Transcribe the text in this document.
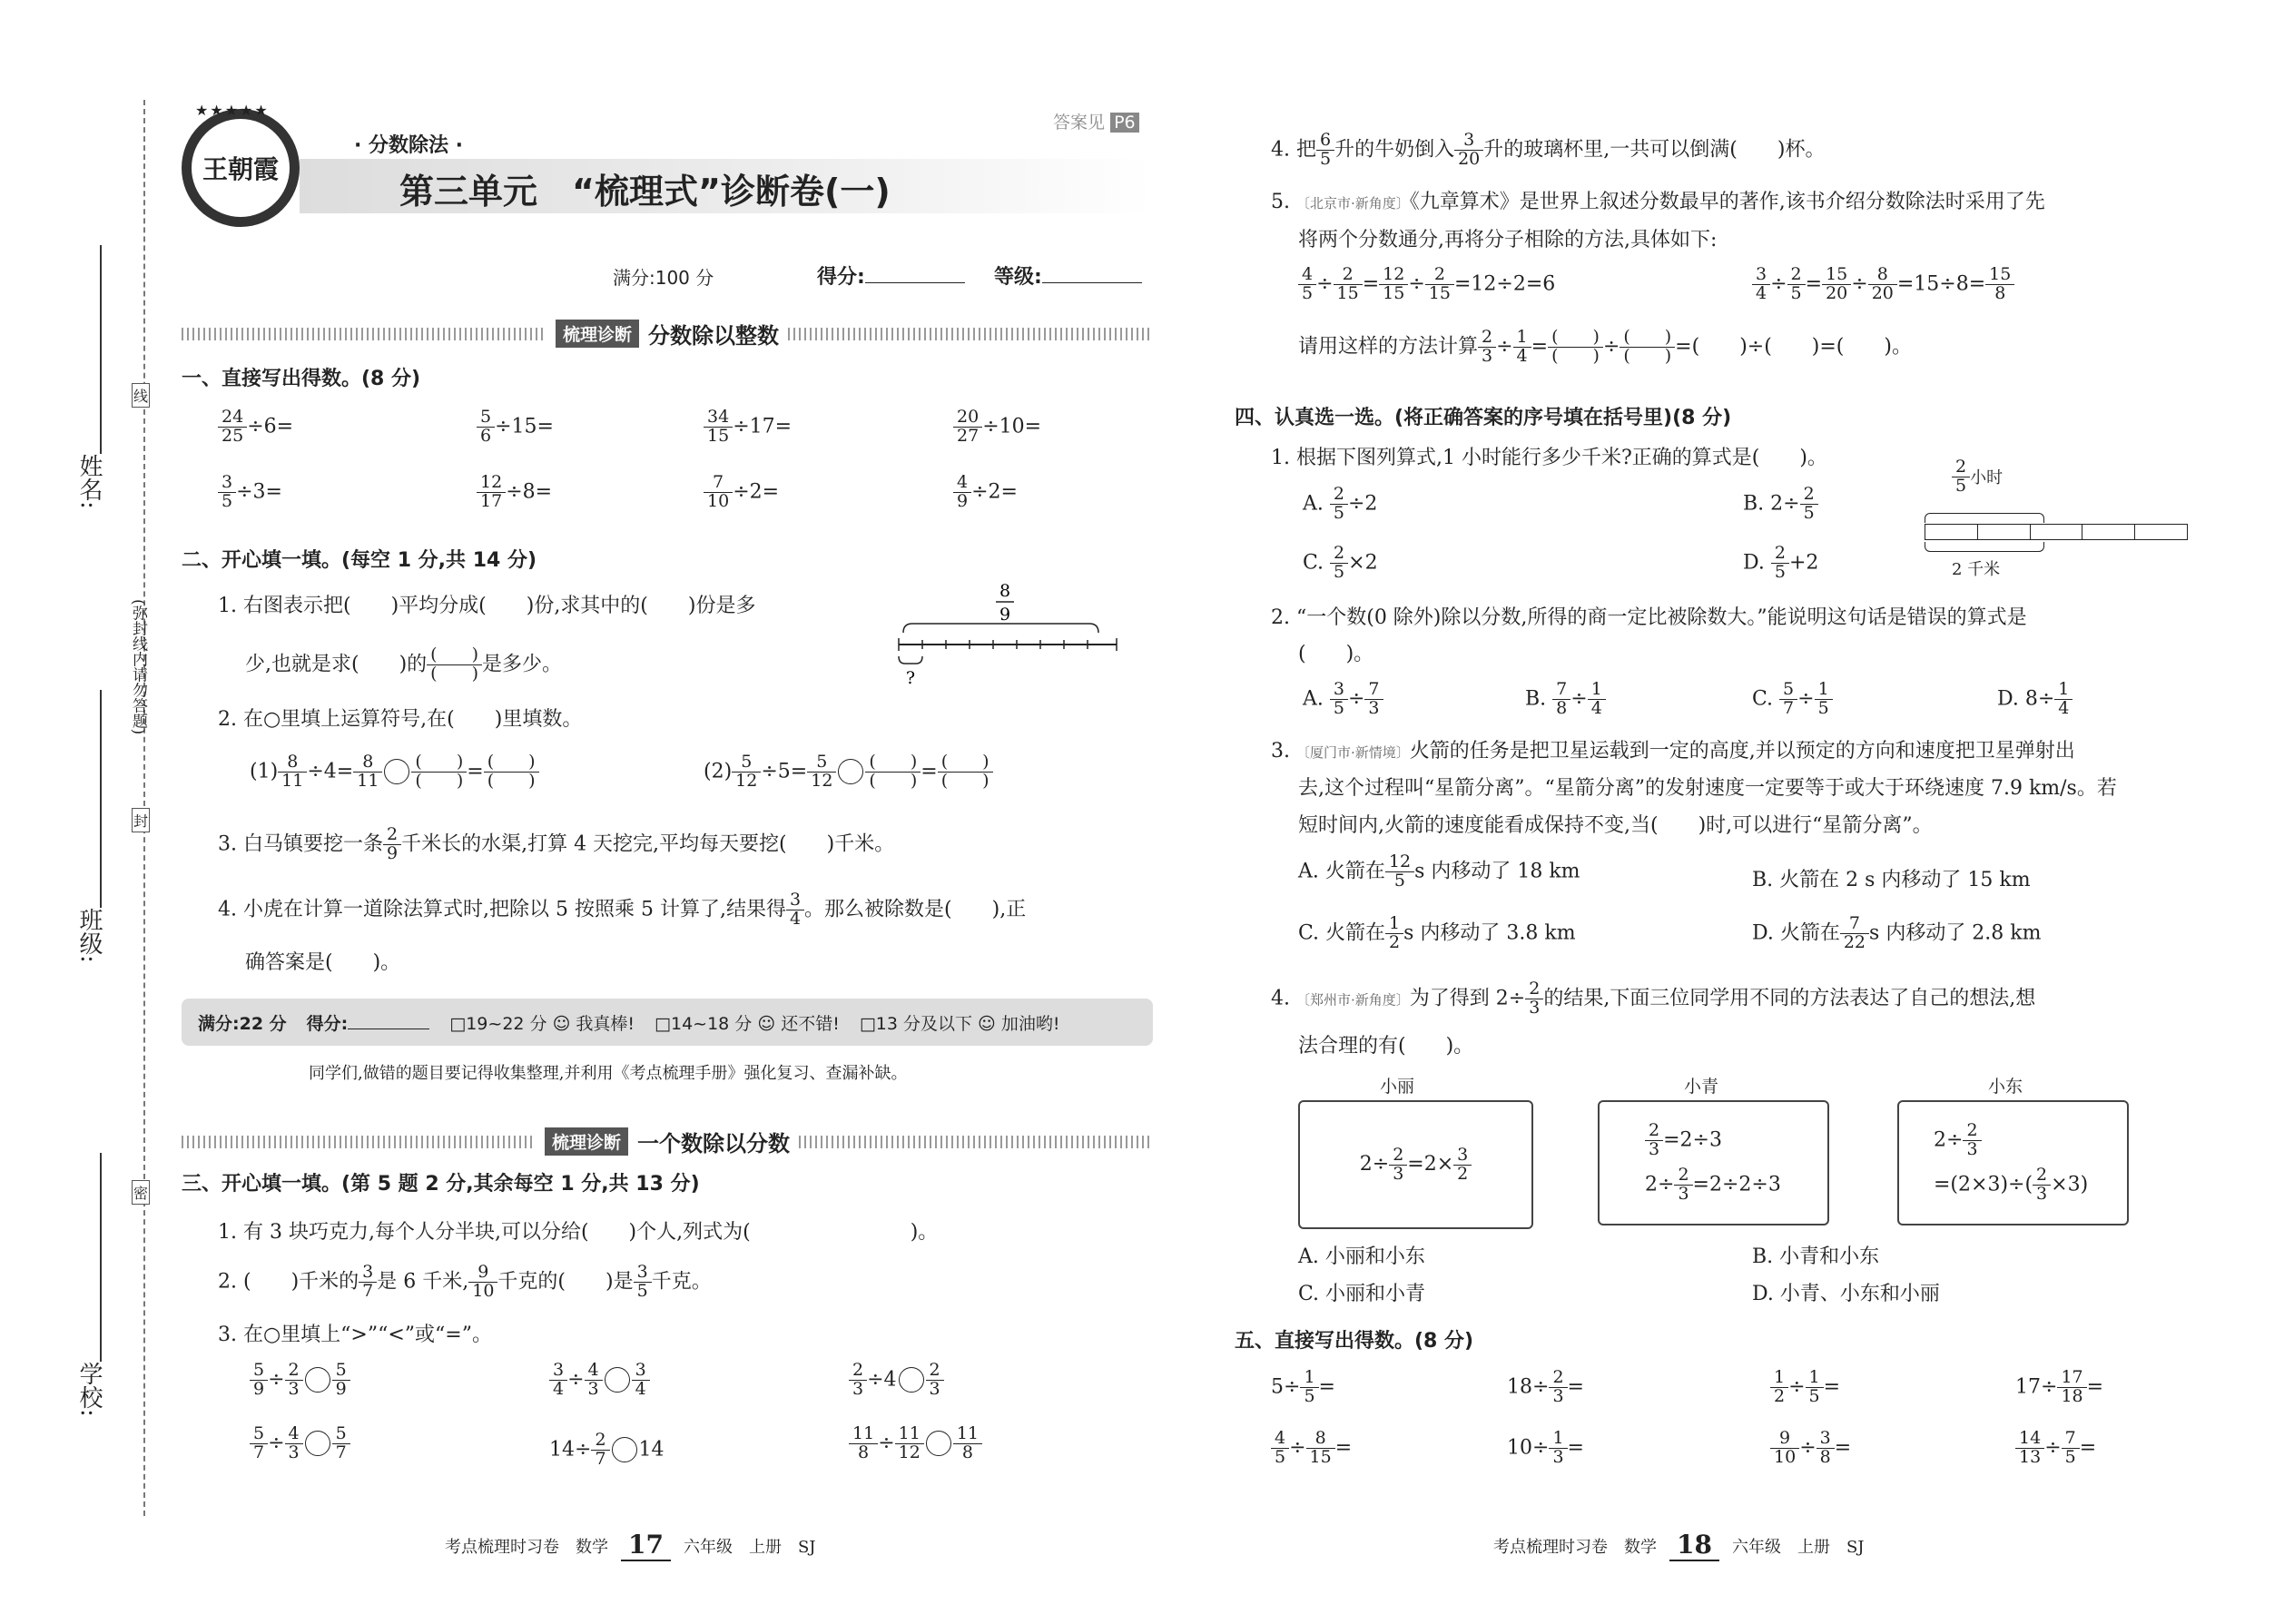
姓名:
班级:
学校:
(弥封线内请勿答题)
线
封
密
王朝霞
★★★★★
· 分数除法 ·
第三单元　“梳理式”诊断卷(一)
答案见 P6
满分:100 分	得分:	等级:
梳理诊断 分数除以整数
一、直接写出得数。(8 分)
$\frac{24}{25} \div 6=$	$\frac{5}{6} \div 15=$	$\frac{34}{15} \div 17=$	$\frac{20}{27} \div 10=$
$\frac{3}{5} \div 3=$	$\frac{12}{17} \div 8=$	$\frac{7}{10} \div 2=$	$\frac{4}{9} \div 2=$
二、开心填一填。(每空 1 分,共 14 分)
1. 右图表示把(　　)平均分成(　　)份,求其中的(　　)份是多
少,也就是求(　　)的 $\frac{( )}{( )}$ 是多少。
8
9
?
2. 在○里填上运算符号,在(　　)里填数。
$(1) \frac{8}{11} \div 4= \frac{8}{11} \frac{( )}{( )} = \frac{( )}{( )}$	$(2) \frac{5}{12} \div 5= \frac{5}{12} \frac{( )}{( )} = \frac{( )}{( )}$
3. 白马镇要挖一条 $\frac{2}{9}$ 千米长的水渠,打算 4 天挖完,平均每天要挖(　　)千米。
4. 小虎在计算一道除法算式时,把除以 5 按照乘 5 计算了,结果得 $\frac{3}{4}$ 。那么被除数是(　　),正
确答案是(　　)。
满分:22 分 得分:	□19~22 分 ☺ 我真棒! □14~18 分 ☺ 还不错! □13 分及以下 ☺ 加油哟!
同学们,做错的题目要记得收集整理,并利用《考点梳理手册》强化复习、查漏补缺。
梳理诊断 一个数除以分数
三、开心填一填。(第 5 题 2 分,其余每空 1 分,共 13 分)
1. 有 3 块巧克力,每个人分半块,可以分给(　　)个人,列式为(　　　　　　　　)。
2. (　　)千米的 $\frac{3}{7}$ 是 6 千米, $\frac{9}{10}$ 千克的(　　)是 $\frac{3}{5}$ 千克。
3. 在○里填上“>”“<”或“=”。
$\frac{5}{9} \div \frac{2}{3} \frac{5}{9}$	$\frac{3}{4} \div \frac{4}{3} \frac{3}{4}$	$\frac{2}{3} \div 4 \frac{2}{3}$
$\frac{5}{7} \div \frac{4}{3} \frac{5}{7}$	$14\div \frac{2}{7} 14$	$\frac{11}{8} \div \frac{11}{12} \frac{11}{8}$
考点梳理时习卷　数学 17	六年级　上册　SJ
4. 把 $\frac{6}{5}$ 升的牛奶倒入 $\frac{3}{20}$ 升的玻璃杯里,一共可以倒满(　　)杯。
5. 〔北京市·新角度〕《九章算术》是世界上叙述分数最早的著作,该书介绍分数除法时采用了先
将两个分数通分,再将分子相除的方法,具体如下:
$\frac{4}{5} \div \frac{2}{15} = \frac{12}{15} \div \frac{2}{15} =12\div 2=6$	$\frac{3}{4} \div \frac{2}{5} = \frac{15}{20} \div \frac{8}{20} =15\div 8= \frac{15}{8}$
请用这样的方法计算 $\frac{2}{3} \div \frac{1}{4} = \frac{( )}{( )} \div \frac{( )}{( )}$ =(　　)÷(　　)=(　　)。
四、认真选一选。(将正确答案的序号填在括号里)(8 分)
1. 根据下图列算式,1 小时能行多少千米?正确的算式是(　　)。
A. $\frac{2}{5} \div 2$	B. $2\div \frac{2}{5}$
C. $\frac{2}{5} \times 2$	D. $\frac{2}{5} +2$
$\frac{2}{5}$ 小时
2 千米
2. “一个数(0 除外)除以分数,所得的商一定比被除数大。”能说明这句话是错误的算式是
(　　)。
A. $\frac{3}{5} \div \frac{7}{3}$	B. $\frac{7}{8} \div \frac{1}{4}$	C. $\frac{5}{7} \div \frac{1}{5}$	D. $8\div \frac{1}{4}$
3. 〔厦门市·新情境〕火箭的任务是把卫星运载到一定的高度,并以预定的方向和速度把卫星弹射出
去,这个过程叫“星箭分离”。“星箭分离”的发射速度一定要等于或大于环绕速度 7.9 km/s。若
短时间内,火箭的速度能看成保持不变,当(　　)时,可以进行“星箭分离”。
A. 火箭在 $\frac{12}{5}$ s 内移动了 18 km	B. 火箭在 2 s 内移动了 15 km
C. 火箭在 $\frac{1}{2}$ s 内移动了 3.8 km	D. 火箭在 $\frac{7}{22}$ s 内移动了 2.8 km
4. 〔郑州市·新角度〕为了得到 $2\div \frac{2}{3}$ 的结果,下面三位同学用不同的方法表达了自己的想法,想
法合理的有(　　)。
小丽	小青	小东
$2\div \frac{2}{3} =2\times \frac{3}{2}$
$\frac{2}{3} =2\div 3$
$2\div \frac{2}{3} =2\div 2\div 3$
$2\div \frac{2}{3}$
$=(2\times 3)\div( \frac{2}{3} \times 3)$
A. 小丽和小东	B. 小青和小东
C. 小丽和小青	D. 小青、小东和小丽
五、直接写出得数。(8 分)
$5\div \frac{1}{5}$ =	$18\div \frac{2}{3}$ =	$\frac{1}{2} \div \frac{1}{5}$ =	$17\div \frac{17}{18}$ =
$\frac{4}{5} \div \frac{8}{15}$ =	$10\div \frac{1}{3}$ =	$\frac{9}{10} \div \frac{3}{8}$ =	$\frac{14}{13} \div \frac{7}{5}$ =
考点梳理时习卷　数学 18	六年级　上册　SJ
